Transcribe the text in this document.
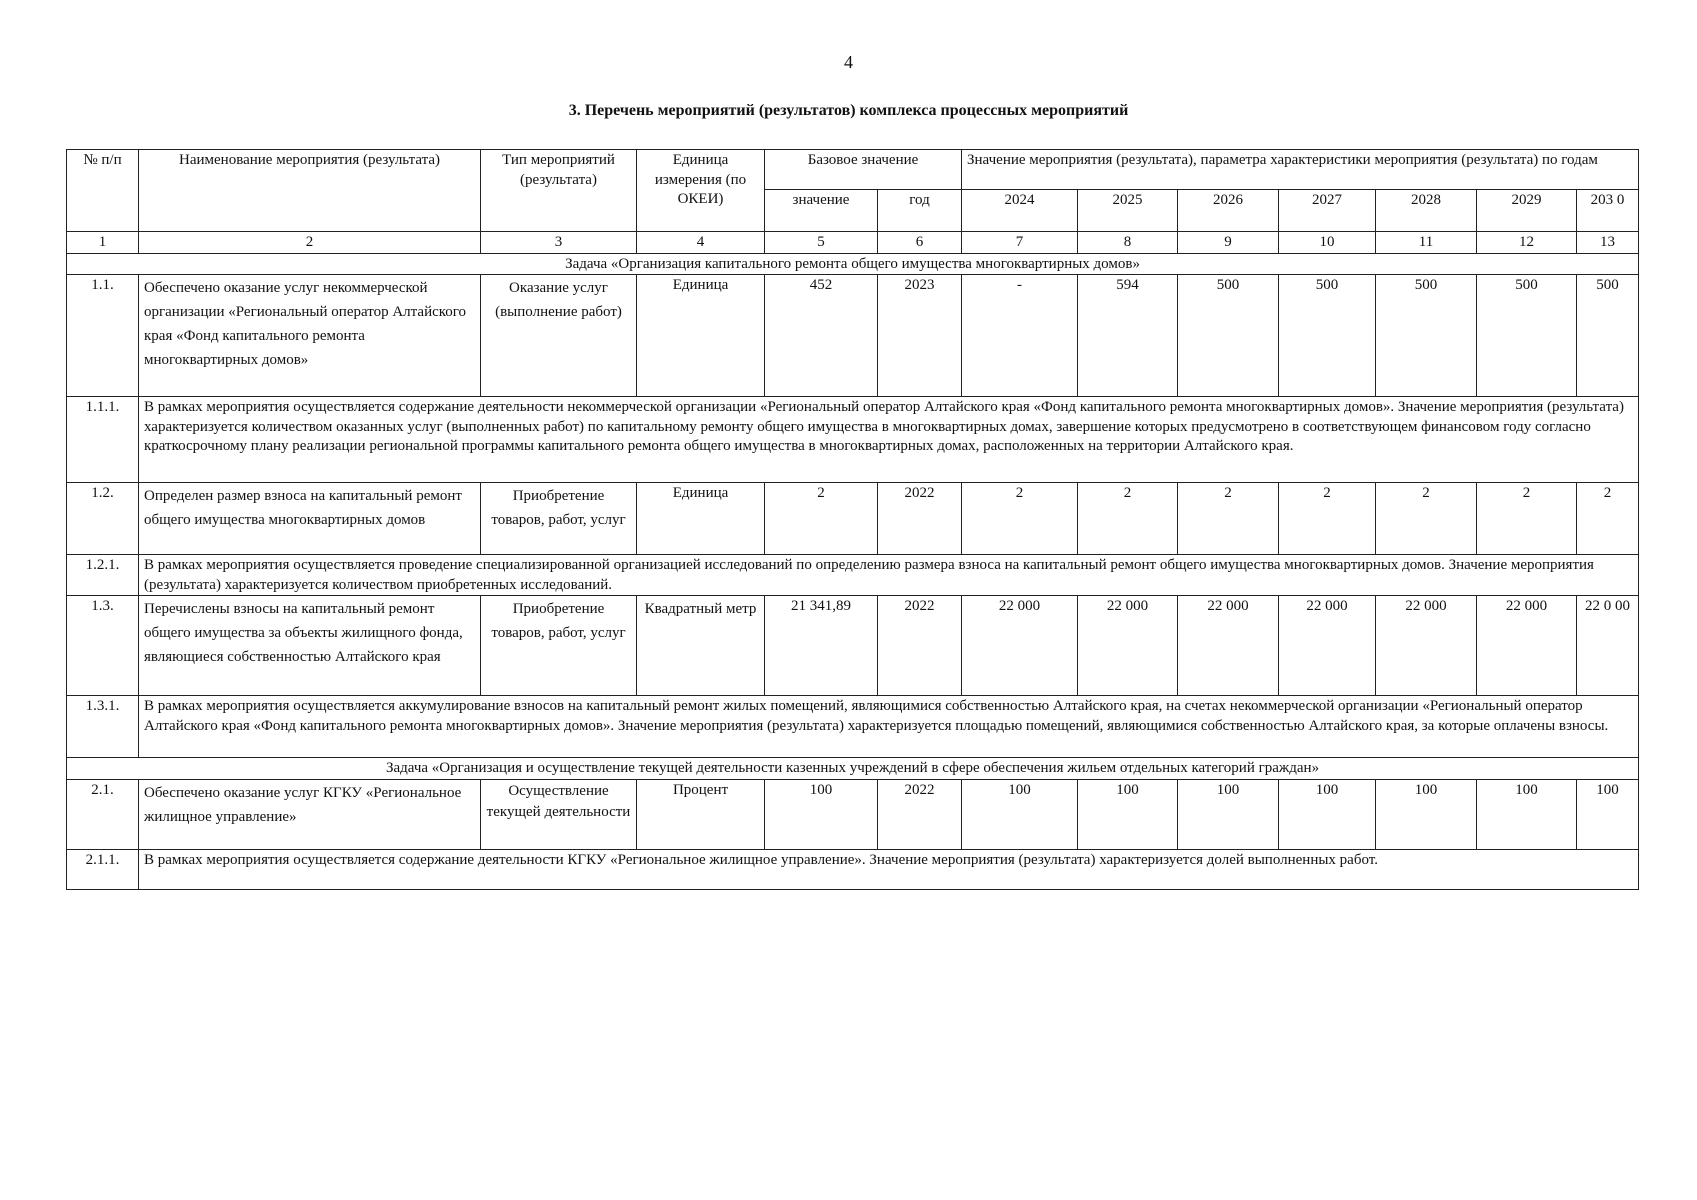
4
3. Перечень мероприятий (результатов) комплекса процессных мероприятий
№ п/п	Наименование мероприятия (результата)	Тип мероприятий (результата)	Единица измерения (по ОКЕИ)	Базовое значение		Значение мероприятия (результата), параметра характеристики мероприятия (результата) по годам						
				значение	год	2024	2025	2026	2027	2028	2029	203 0
1	2	3	4	5	6	7	8	9	10	11	12	13
Задача «Организация капитального ремонта общего имущества многоквартирных домов»												
1.1.	Обеспечено оказание услуг некоммерческой организации «Региональный оператор Алтайского края «Фонд капитального ремонта многоквартирных домов»	Оказание услуг (выполнение работ)	Единица	452	2023	-	594	500	500	500	500	500
1.1.1.	В рамках мероприятия осуществляется содержание деятельности некоммерческой организации «Региональный оператор Алтайского края «Фонд капитального ремонта многоквартирных домов». Значение мероприятия (результата) характеризуется количеством оказанных услуг (выполненных работ) по капитальному ремонту общего имущества в многоквартирных домах, завершение которых предусмотрено в соответствующем финансовом году согласно краткосрочному плану реализации региональной программы капитального ремонта общего имущества в многоквартирных домах, расположенных на территории Алтайского края.											
1.2.	Определен размер взноса на капитальный ремонт общего имущества многоквартирных домов	Приобретение товаров, работ, услуг	Единица	2	2022	2	2	2	2	2	2	2
1.2.1.	В рамках мероприятия осуществляется проведение специализированной организацией исследований по определению размера взноса на капитальный ремонт общего имущества многоквартирных домов. Значение мероприятия (результата) характеризуется количеством приобретенных исследований.											
1.3.	Перечислены взносы на капитальный ремонт общего имущества за объекты жилищного фонда, являющиеся собственностью Алтайского края	Приобретение товаров, работ, услуг	Квадратный метр	21 341,89	2022	22 000	22 000	22 000	22 000	22 000	22 000	22 0 00
1.3.1.	В рамках мероприятия осуществляется аккумулирование взносов на капитальный ремонт жилых помещений, являющимися собственностью Алтайского края, на счетах некоммерческой организации «Региональный оператор Алтайского края «Фонд капитального ремонта многоквартирных домов». Значение мероприятия (результата) характеризуется площадью помещений, являющимися собственностью Алтайского края, за которые оплачены взносы.											
Задача «Организация и осуществление текущей деятельности казенных учреждений в сфере обеспечения жильем отдельных категорий граждан»												
2.1.	Обеспечено оказание услуг КГКУ «Региональное жилищное управление»	Осуществление текущей деятельности	Процент	100	2022	100	100	100	100	100	100	100
2.1.1.	В рамках мероприятия осуществляется содержание деятельности КГКУ «Региональное жилищное управление». Значение мероприятия (результата) характеризуется долей выполненных работ.											
